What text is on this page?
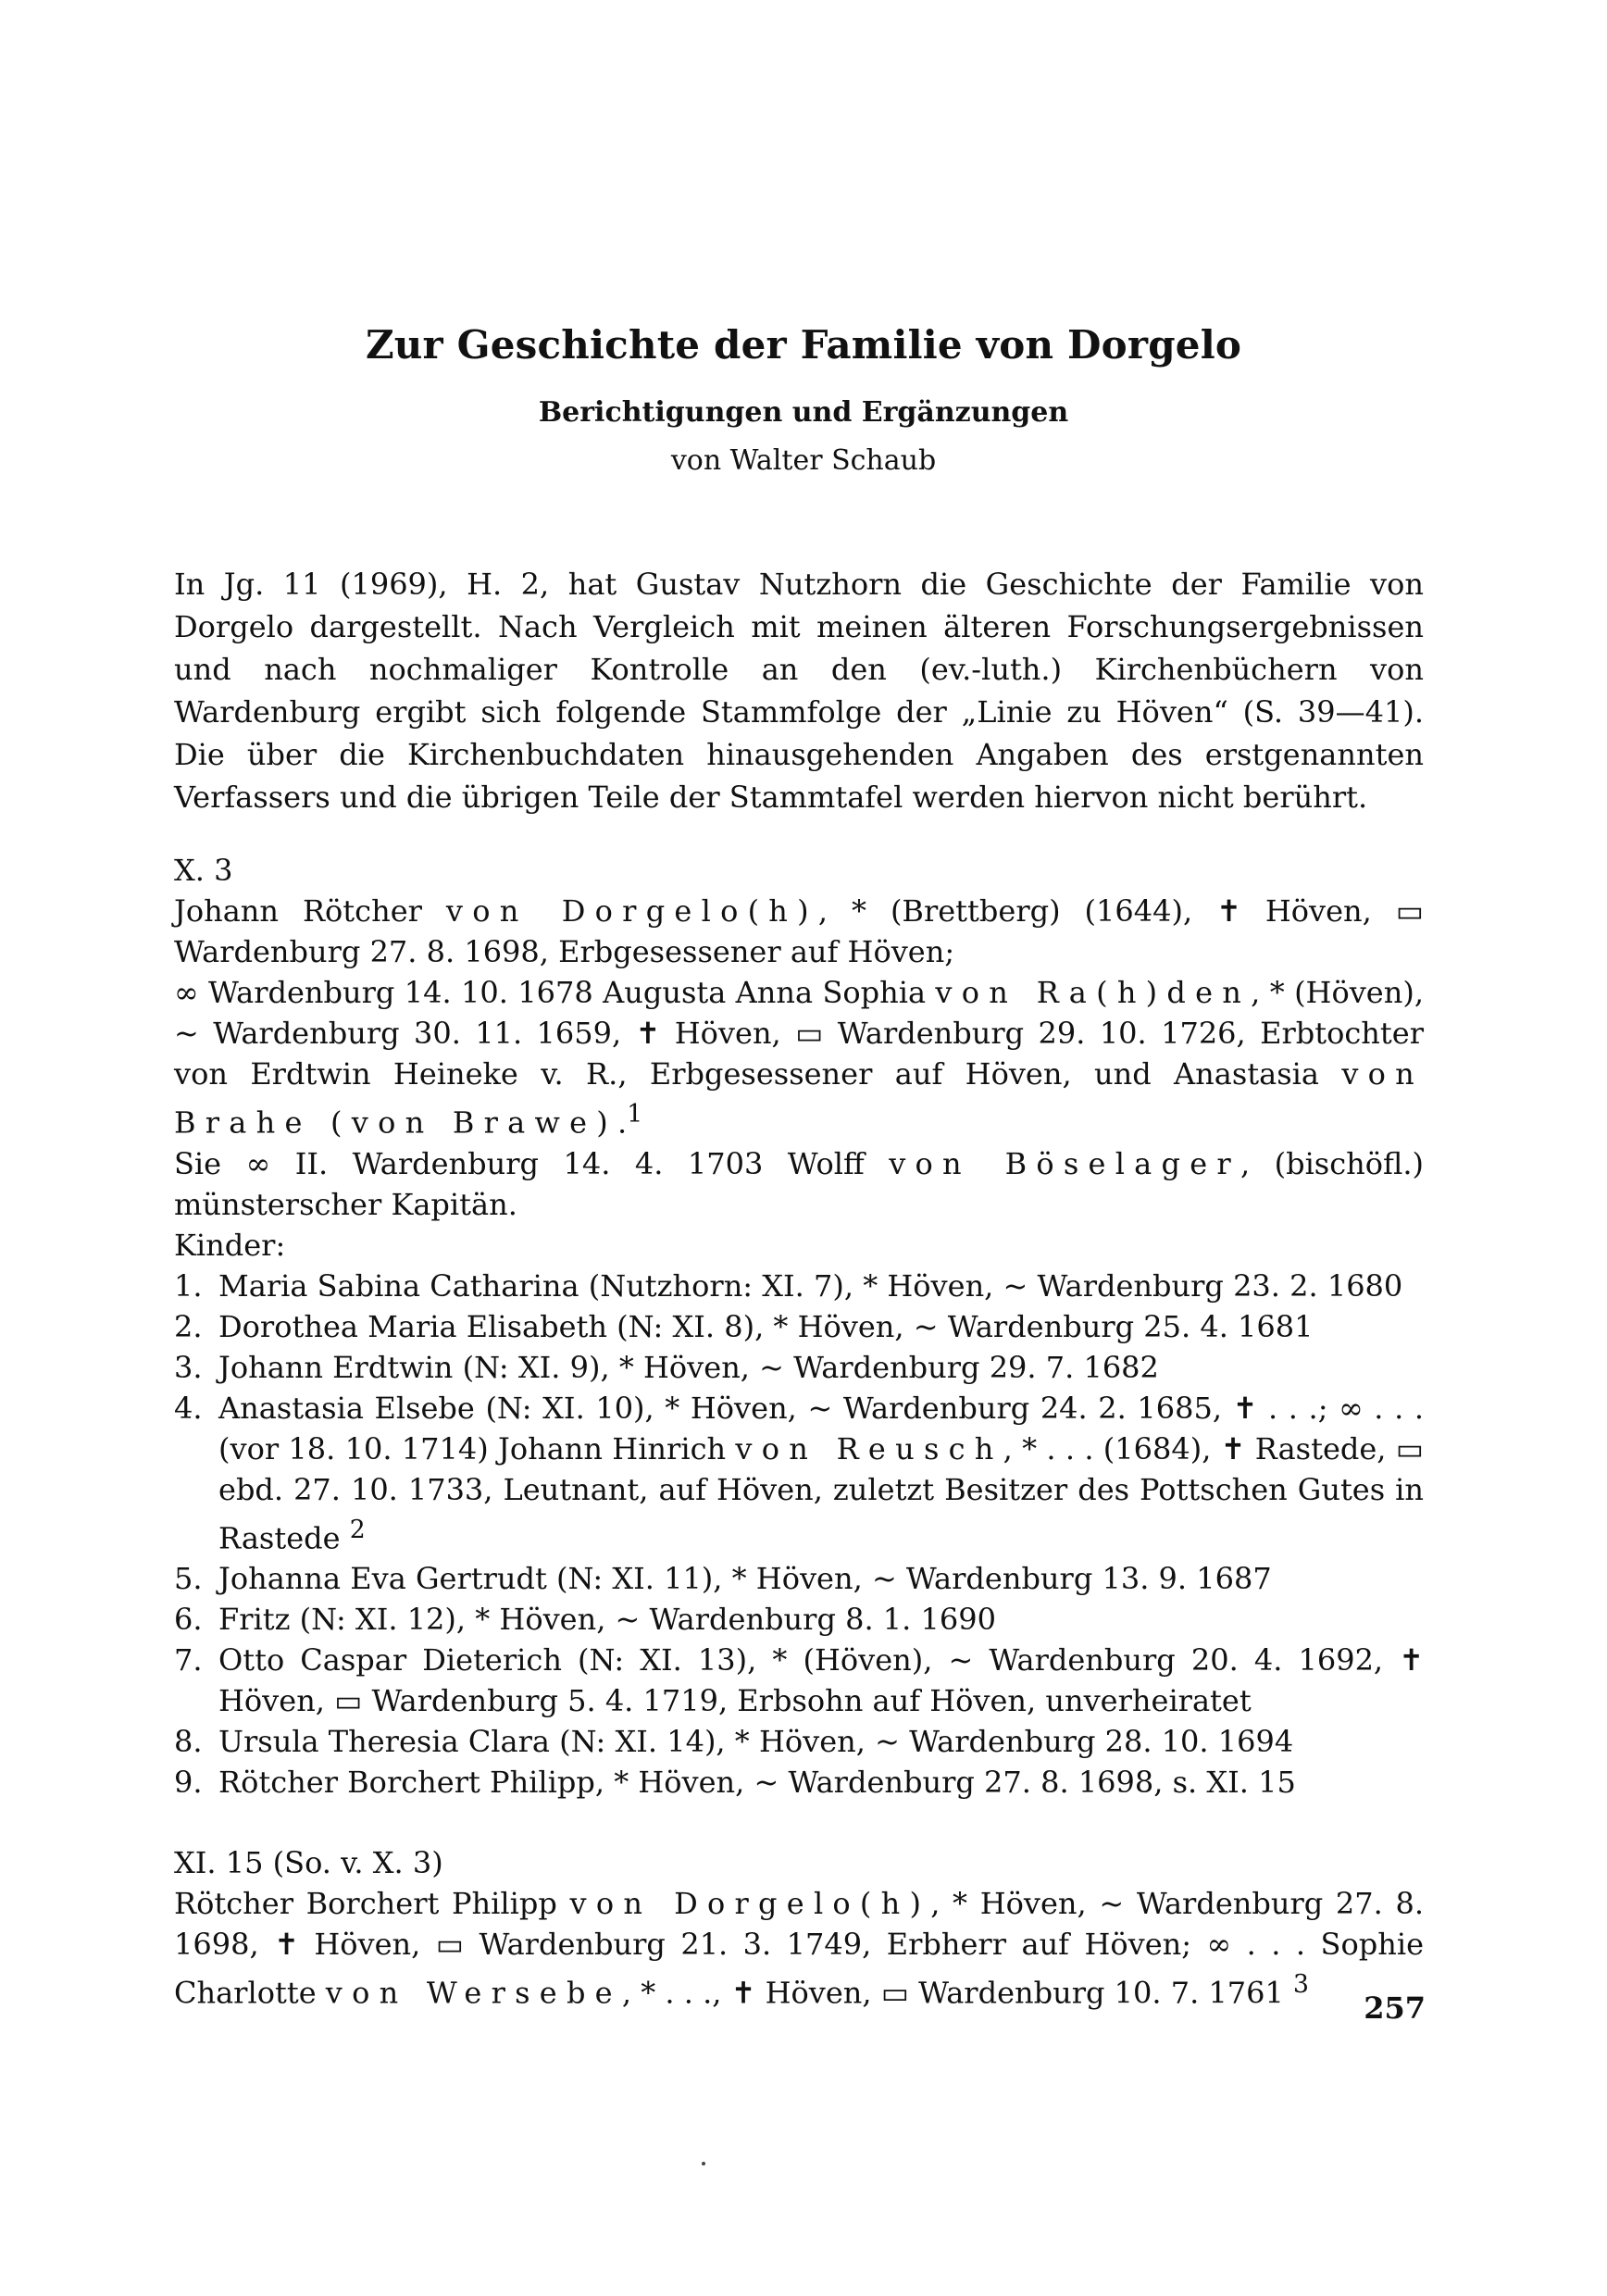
Zur Geschichte der Familie von Dorgelo
Berichtigungen und Ergänzungen
von Walter Schaub
In Jg. 11 (1969), H. 2, hat Gustav Nutzhorn die Geschichte der Familie von Dorgelo dargestellt. Nach Vergleich mit meinen älteren Forschungsergebnissen und nach nochmaliger Kontrolle an den (ev.-luth.) Kirchenbüchern von Wardenburg ergibt sich folgende Stammfolge der „Linie zu Höven“ (S. 39—41). Die über die Kirchenbuchdaten hinausgehenden Angaben des erstgenannten Verfassers und die übrigen Teile der Stammtafel werden hiervon nicht berührt.

X. 3

Johann Rötcher von Dorgelo(h), * (Brettberg) (1644), ✝ Höven, ▭ Wardenburg 27. 8. 1698, Erbgesessener auf Höven;

∞ Wardenburg 14. 10. 1678 Augusta Anna Sophia von Ra(h)den, * (Höven), ~ Wardenburg 30. 11. 1659, ✝ Höven, ▭ Wardenburg 29. 10. 1726, Erbtochter von Erdtwin Heineke v. R., Erbgesessener auf Höven, und Anastasia von Brahe (von Brawe).$^1$

Sie ∞ II. Wardenburg 14. 4. 1703 Wolff von Böselager, (bischöfl.) münsterscher Kapitän.

Kinder:

1. Maria Sabina Catharina (Nutzhorn: XI. 7), * Höven, ~ Wardenburg 23. 2. 1680
2. Dorothea Maria Elisabeth (N: XI. 8), * Höven, ~ Wardenburg 25. 4. 1681
3. Johann Erdtwin (N: XI. 9), * Höven, ~ Wardenburg 29. 7. 1682
4. Anastasia Elsebe (N: XI. 10), * Höven, ~ Wardenburg 24. 2. 1685, ✝ . . .; ∞ . . . (vor 18. 10. 1714) Johann Hinrich von Reusch, * . . . (1684), ✝ Rastede, ▭ ebd. 27. 10. 1733, Leutnant, auf Höven, zuletzt Besitzer des Pottschen Gutes in Rastede $^2$
5. Johanna Eva Gertrudt (N: XI. 11), * Höven, ~ Wardenburg 13. 9. 1687
6. Fritz (N: XI. 12), * Höven, ~ Wardenburg 8. 1. 1690
7. Otto Caspar Dieterich (N: XI. 13), * (Höven), ~ Wardenburg 20. 4. 1692, ✝ Höven, ▭ Wardenburg 5. 4. 1719, Erbsohn auf Höven, unverheiratet
8. Ursula Theresia Clara (N: XI. 14), * Höven, ~ Wardenburg 28. 10. 1694
9. Rötcher Borchert Philipp, * Höven, ~ Wardenburg 27. 8. 1698, s. XI. 15

XI. 15 (So. v. X. 3)

Rötcher Borchert Philipp von Dorgelo(h), * Höven, ~ Wardenburg 27. 8. 1698, ✝ Höven, ▭ Wardenburg 21. 3. 1749, Erbherr auf Höven; ∞ . . . Sophie Charlotte von Wersebe, * . . ., ✝ Höven, ▭ Wardenburg 10. 7. 1761 $^3$

257
